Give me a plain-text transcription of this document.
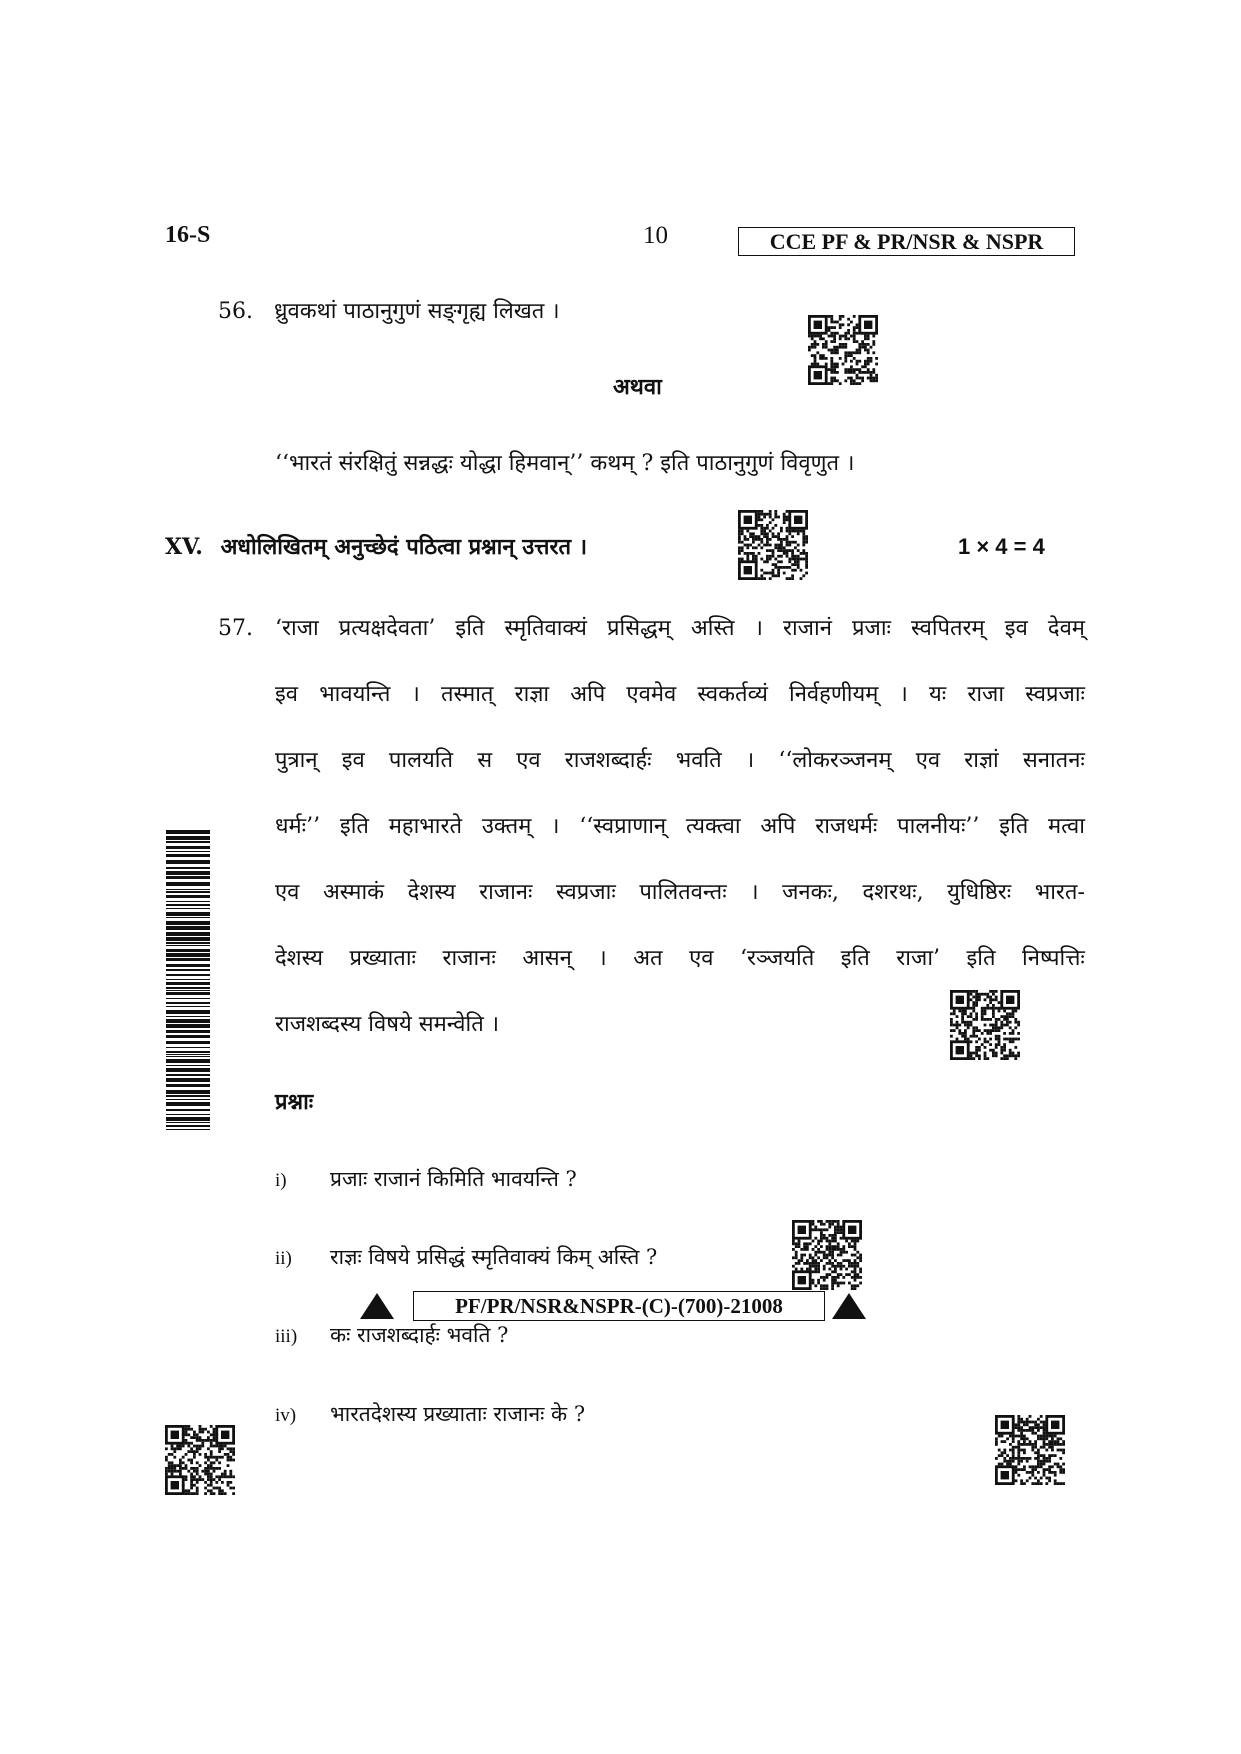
16-S	10	CCE PF & PR/NSR & NSPR
56. ध्रुवकथां पाठानुगुणं सङ्गृह्य लिखत ।
अथवा
‘‘भारतं संरक्षितुं सन्नद्धः योद्धा हिमवान्’’ कथम् ? इति पाठानुगुणं विवृणुत ।
XV. अधोलिखितम् अनुच्छेदं पठित्वा प्रश्नान् उत्तरत ।	1 × 4 = 4
57. ‘राजा प्रत्यक्षदेवता’ इति स्मृतिवाक्यं प्रसिद्धम् अस्ति । राजानं प्रजाः स्वपितरम् इव देवम्
इव भावयन्ति । तस्मात् राज्ञा अपि एवमेव स्वकर्तव्यं निर्वहणीयम् । यः राजा स्वप्रजाः
पुत्रान् इव पालयति स एव राजशब्दार्हः भवति । ‘‘लोकरञ्जनम् एव राज्ञां सनातनः
धर्मः’’ इति महाभारते उक्तम् । ‘‘स्वप्राणान् त्यक्त्वा अपि राजधर्मः पालनीयः’’ इति मत्वा
एव अस्माकं देशस्य राजानः स्वप्रजाः पालितवन्तः । जनकः, दशरथः, युधिष्ठिरः भारत-
देशस्य प्रख्याताः राजानः आसन् । अत एव ‘रञ्जयति इति राजा’ इति निष्पत्तिः
राजशब्दस्य विषये समन्वेति ।
प्रश्नाः
i) प्रजाः राजानं किमिति भावयन्ति ?
ii) राज्ञः विषये प्रसिद्धं स्मृतिवाक्यं किम् अस्ति ?
iii) कः राजशब्दार्हः भवति ?
iv) भारतदेशस्य प्रख्याताः राजानः के ?
PF/PR/NSR&NSPR-(C)-(700)-21008
